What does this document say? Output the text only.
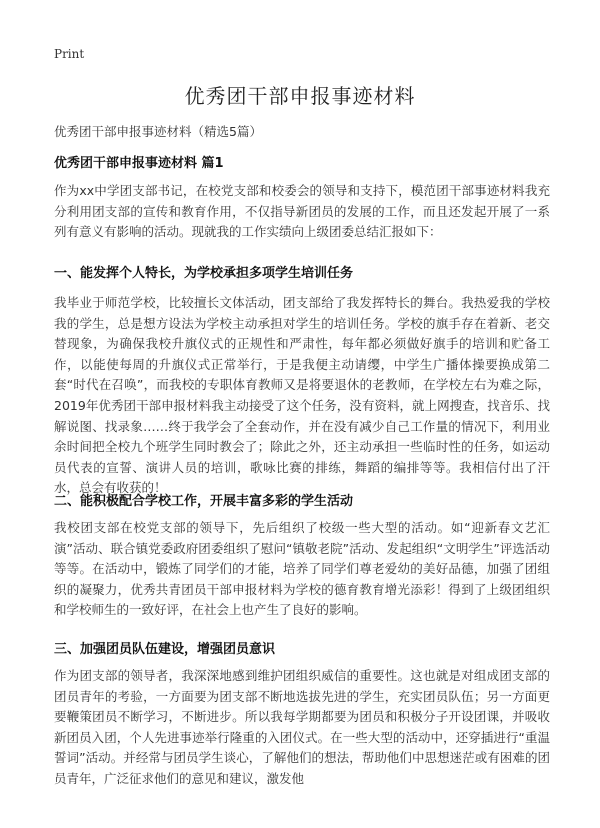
Print
优秀团干部申报事迹材料
优秀团干部申报事迹材料（精选5篇）
优秀团干部申报事迹材料 篇1

作为xx中学团支部书记，在校党支部和校委会的领导和支持下，模范团干部事迹材料我充分利用团支部的宣传和教育作用，不仅指导新团员的发展的工作，而且还发起开展了一系列有意义有影响的活动。现就我的工作实绩向上级团委总结汇报如下：

一、能发挥个人特长，为学校承担多项学生培训任务

我毕业于师范学校，比较擅长文体活动，团支部给了我发挥特长的舞台。我热爱我的学校我的学生，总是想方设法为学校主动承担对学生的培训任务。学校的旗手存在着新、老交替现象，为确保我校升旗仪式的正规性和严肃性，每年都必须做好旗手的培训和贮备工作，以能使每周的升旗仪式正常举行，于是我便主动请缨，中学生广播体操要换成第二套“时代在召唤”，而我校的专职体育教师又是将要退休的老教师，在学校左右为难之际，2019年优秀团干部申报材料我主动接受了这个任务，没有资料，就上网搜查，找音乐、找解说图、找录象……终于我学会了全套动作，并在没有减少自己工作量的情况下，利用业余时间把全校九个班学生同时教会了；除此之外，还主动承担一些临时性的任务，如运动员代表的宣誓、演讲人员的培训，歌咏比赛的排练，舞蹈的编排等等。我相信付出了汗水，总会有收获的！

二、能积极配合学校工作，开展丰富多彩的学生活动

我校团支部在校党支部的领导下，先后组织了校级一些大型的活动。如“迎新春文艺汇演”活动、联合镇党委政府团委组织了慰问“镇敬老院”活动、发起组织“文明学生”评选活动等等。在活动中，锻炼了同学们的才能，培养了同学们尊老爱幼的美好品德，加强了团组织的凝聚力，优秀共青团员干部申报材料为学校的德育教育增光添彩！得到了上级团组织和学校师生的一致好评，在社会上也产生了良好的影响。

三、加强团员队伍建设，增强团员意识

作为团支部的领导者，我深深地感到维护团组织威信的重要性。这也就是对组成团支部的团员青年的考验，一方面要为团支部不断地选拔先进的学生，充实团员队伍；另一方面更要鞭策团员不断学习，不断进步。所以我每学期都要为团员和积极分子开设团课，并吸收新团员入团，个人先进事迹举行隆重的入团仪式。在一些大型的活动中，还穿插进行“重温誓词”活动。并经常与团员学生谈心，了解他们的想法，帮助他们中思想迷茫或有困难的团员青年，广泛征求他们的意见和建议，激发他
